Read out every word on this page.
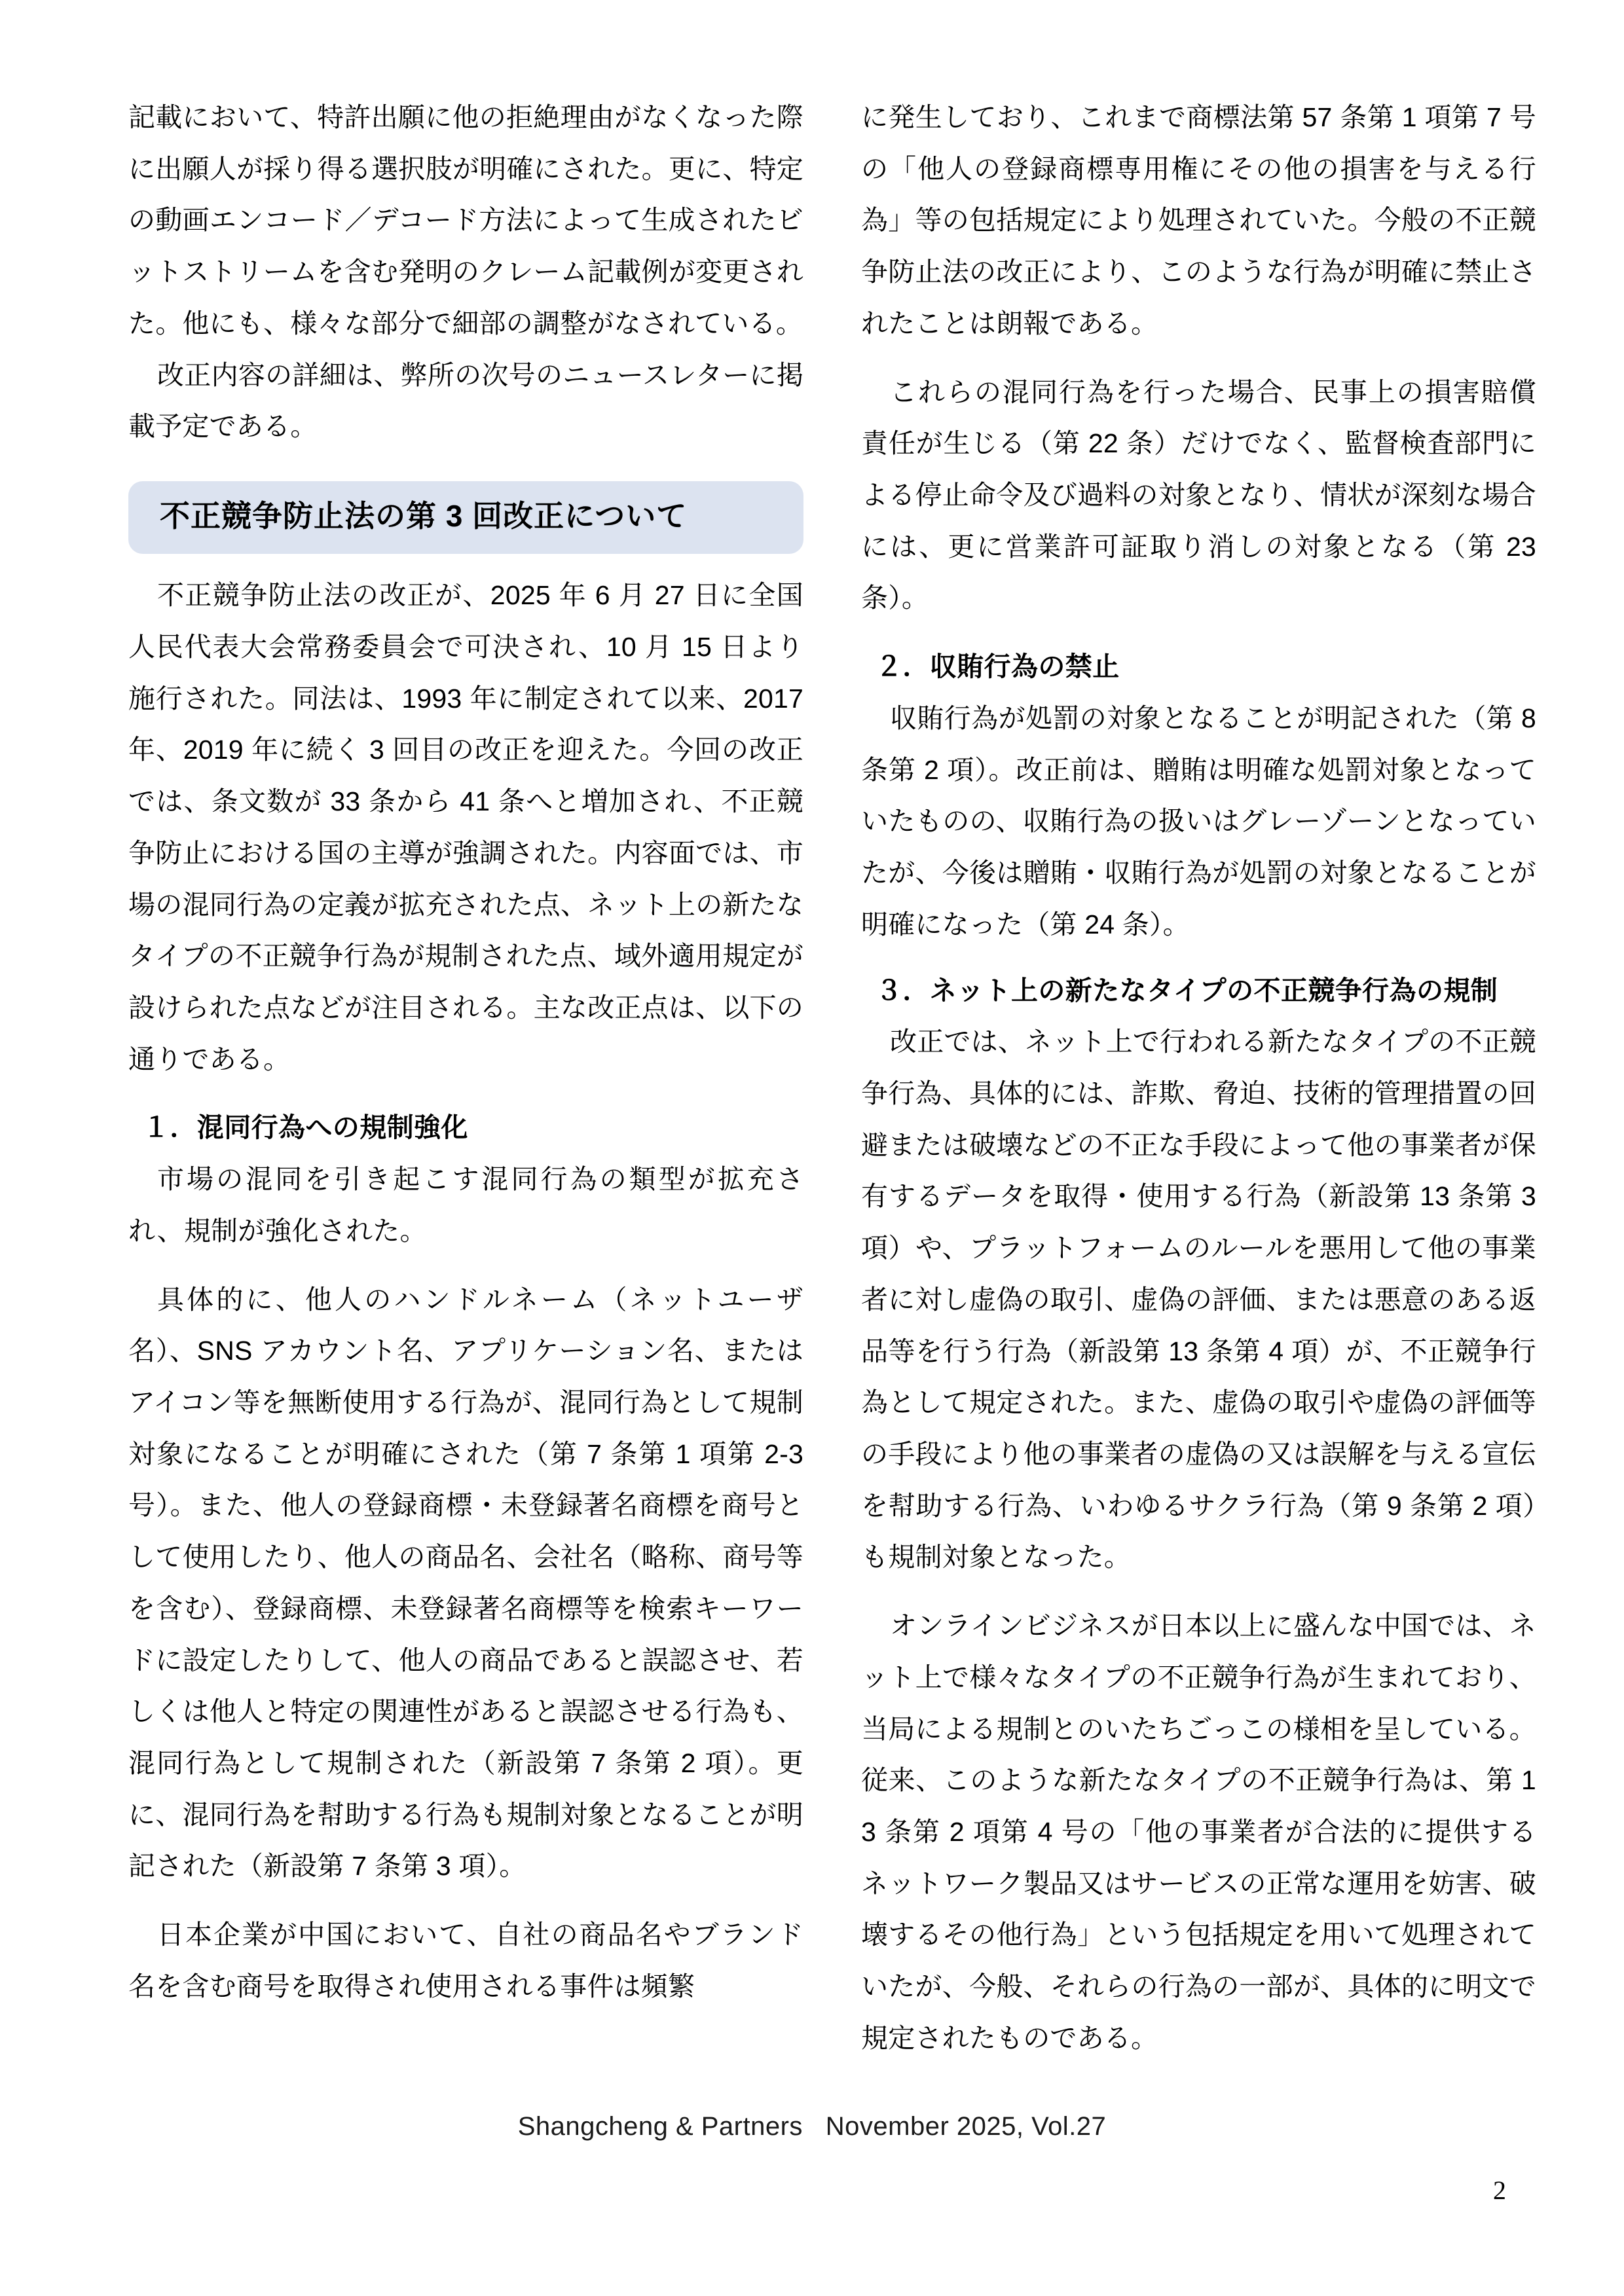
記載において、特許出願に他の拒絶理由がなくなった際に出願人が採り得る選択肢が明確にされた。更に、特定の動画エンコード／デコード方法によって生成されたビットストリームを含む発明のクレーム記載例が変更された。他にも、様々な部分で細部の調整がなされている。

改正内容の詳細は、弊所の次号のニュースレターに掲載予定である。

不正競争防止法の第 3 回改正について

不正競争防止法の改正が、2025 年 6 月 27 日に全国人民代表大会常務委員会で可決され、10 月 15 日より施行された。同法は、1993 年に制定されて以来、2017 年、2019 年に続く 3 回目の改正を迎えた。今回の改正では、条文数が 33 条から 41 条へと増加され、不正競争防止における国の主導が強調された。内容面では、市場の混同行為の定義が拡充された点、ネット上の新たなタイプの不正競争行為が規制された点、域外適用規定が設けられた点などが注目される。主な改正点は、以下の通りである。

１．混同行為への規制強化

市場の混同を引き起こす混同行為の類型が拡充され、規制が強化された。

具体的に、他人のハンドルネーム（ネットユーザ名）、SNS アカウント名、アプリケーション名、またはアイコン等を無断使用する行為が、混同行為として規制対象になることが明確にされた（第 7 条第 1 項第 2-3 号）。また、他人の登録商標・未登録著名商標を商号として使用したり、他人の商品名、会社名（略称、商号等を含む）、登録商標、未登録著名商標等を検索キーワードに設定したりして、他人の商品であると誤認させ、若しくは他人と特定の関連性があると誤認させる行為も、混同行為として規制された（新設第 7 条第 2 項）。更に、混同行為を幇助する行為も規制対象となることが明記された（新設第 7 条第 3 項）。

日本企業が中国において、自社の商品名やブランド名を含む商号を取得され使用される事件は頻繁

に発生しており、これまで商標法第 57 条第 1 項第 7 号の「他人の登録商標専用権にその他の損害を与える行為」等の包括規定により処理されていた。今般の不正競争防止法の改正により、このような行為が明確に禁止されたことは朗報である。

これらの混同行為を行った場合、民事上の損害賠償責任が生じる（第 22 条）だけでなく、監督検査部門による停止命令及び過料の対象となり、情状が深刻な場合には、更に営業許可証取り消しの対象となる（第 23 条）。

２．収賄行為の禁止

収賄行為が処罰の対象となることが明記された（第 8 条第 2 項）。改正前は、贈賄は明確な処罰対象となっていたものの、収賄行為の扱いはグレーゾーンとなっていたが、今後は贈賄・収賄行為が処罰の対象となることが明確になった（第 24 条）。

３．ネット上の新たなタイプの不正競争行為の規制

改正では、ネット上で行われる新たなタイプの不正競争行為、具体的には、詐欺、脅迫、技術的管理措置の回避または破壊などの不正な手段によって他の事業者が保有するデータを取得・使用する行為（新設第 13 条第 3 項）や、プラットフォームのルールを悪用して他の事業者に対し虚偽の取引、虚偽の評価、または悪意のある返品等を行う行為（新設第 13 条第 4 項）が、不正競争行為として規定された。また、虚偽の取引や虚偽の評価等の手段により他の事業者の虚偽の又は誤解を与える宣伝を幇助する行為、いわゆるサクラ行為（第 9 条第 2 項）も規制対象となった。

オンラインビジネスが日本以上に盛んな中国では、ネット上で様々なタイプの不正競争行為が生まれており、当局による規制とのいたちごっこの様相を呈している。従来、このような新たなタイプの不正競争行為は、第 13 条第 2 項第 4 号の「他の事業者が合法的に提供するネットワーク製品又はサービスの正常な運用を妨害、破壊するその他行為」という包括規定を用いて処理されていたが、今般、それらの行為の一部が、具体的に明文で規定されたものである。

Shangcheng & Partners   November 2025, Vol.27
2
